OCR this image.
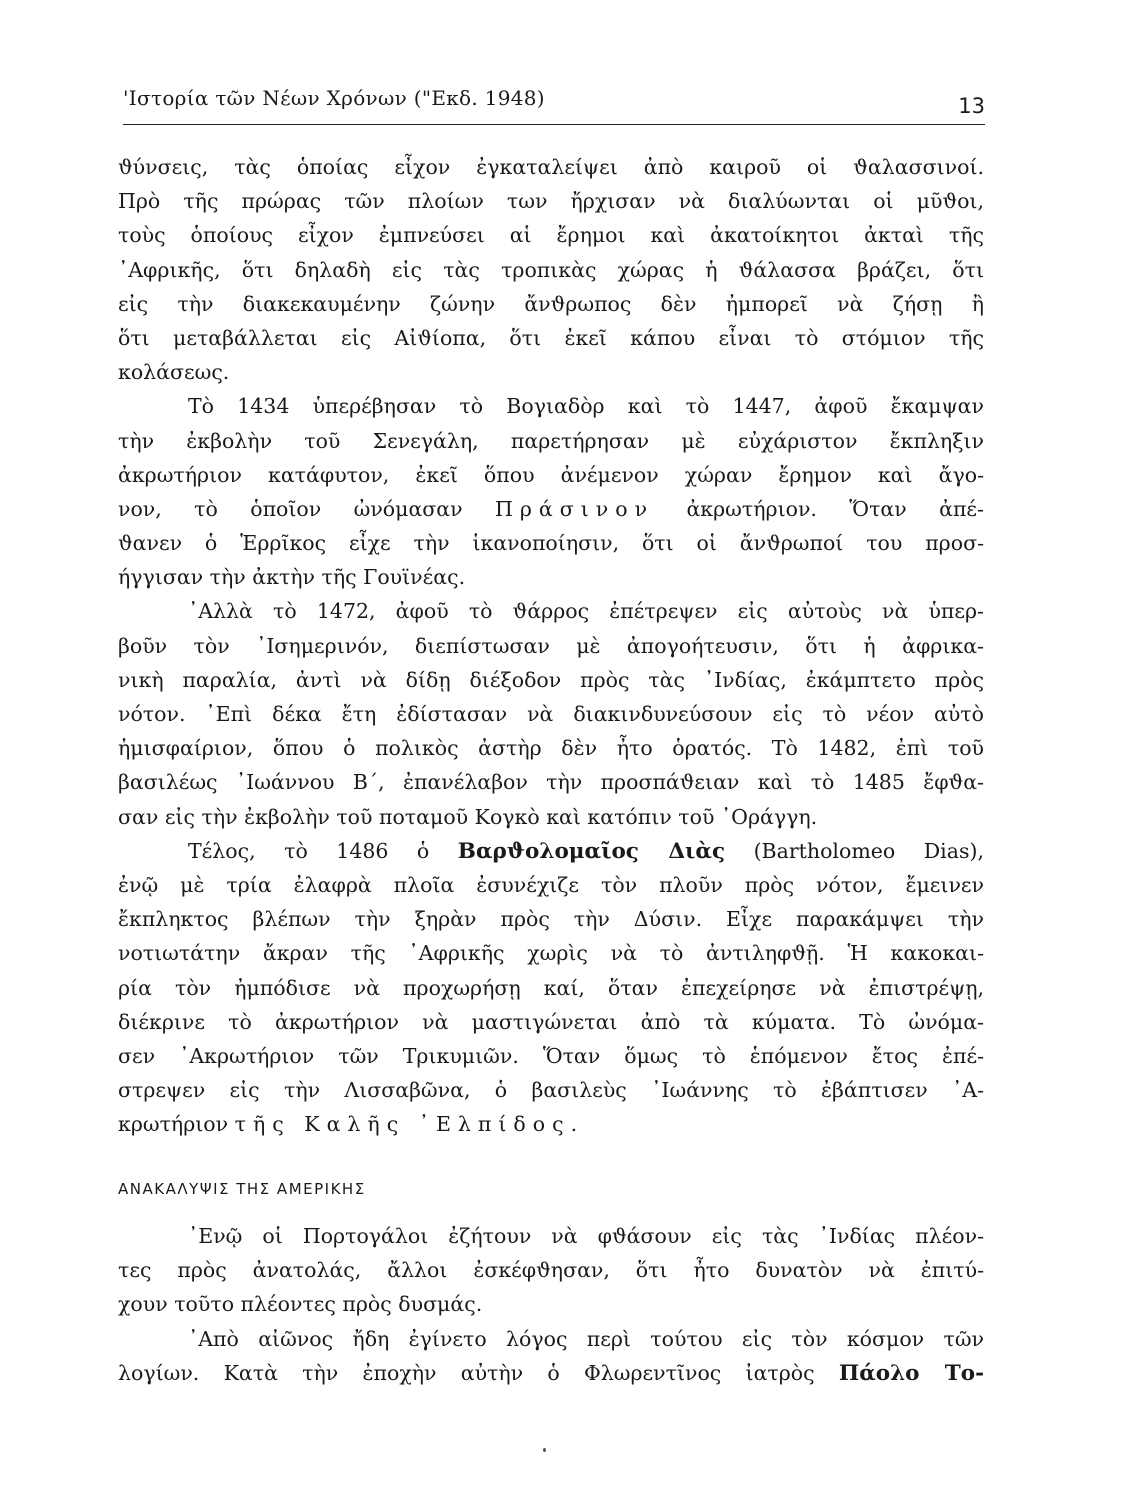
'Ιστορία τῶν Νέων Χρόνων ("Εκδ. 1948)	13
ϑύνσεις, τὰς ὁποίας εἶχον ἐγκαταλείψει ἀπὸ καιροῦ οἱ ϑαλασσινοί.
Πρὸ τῆς πρώρας τῶν πλοίων των ἤρχισαν νὰ διαλύωνται οἱ μῦϑοι,
τοὺς ὁποίους εἶχον ἐμπνεύσει αἱ ἔρημοι καὶ ἀκατοίκητοι ἀκταὶ τῆς
᾿Αφρικῆς, ὅτι δηλαδὴ εἰς τὰς τροπικὰς χώρας ἡ ϑάλασσα βράζει, ὅτι
εἰς τὴν διακεκαυμένην ζώνην ἄνϑρωπος δὲν ἠμπορεῖ νὰ ζήσῃ ἢ
ὅτι μεταβάλλεται εἰς Αἰϑίοπα, ὅτι ἐκεῖ κάπου εἶναι τὸ στόμιον τῆς
κολάσεως.
Τὸ 1434 ὑπερέβησαν τὸ Βογιαδὸρ καὶ τὸ 1447, ἀφοῦ ἔκαμψαν
τὴν ἐκβολὴν τοῦ Σενεγάλη, παρετήρησαν μὲ εὐχάριστον ἔκπληξιν
ἀκρωτήριον κατάφυτον, ἐκεῖ ὅπου ἀνέμενον χώραν ἔρημον καὶ ἄγο-
νον, τὸ ὁποῖον ὠνόμασαν Πράσινον ἀκρωτήριον. Ὅταν ἀπέ-
ϑανεν ὁ Ἑρρῖκος εἶχε τὴν ἱκανοποίησιν, ὅτι οἱ ἄνϑρωποί του προσ-
ήγγισαν τὴν ἀκτὴν τῆς Γουϊνέας.
᾿Αλλὰ τὸ 1472, ἀφοῦ τὸ ϑάρρος ἐπέτρεψεν εἰς αὐτοὺς νὰ ὑπερ-
βοῦν τὸν ᾿Ισημερινόν, διεπίστωσαν μὲ ἀπογοήτευσιν, ὅτι ἡ ἀφρικα-
νικὴ παραλία, ἀντὶ νὰ δίδῃ διέξοδον πρὸς τὰς ᾿Ινδίας, ἐκάμπτετο πρὸς
νότον. ᾿Επὶ δέκα ἔτη ἐδίστασαν νὰ διακινδυνεύσουν εἰς τὸ νέον αὐτὸ
ἡμισφαίριον, ὅπου ὁ πολικὸς ἀστὴρ δὲν ἦτο ὁρατός. Τὸ 1482, ἐπὶ τοῦ
βασιλέως ᾿Ιωάννου Β΄, ἐπανέλαβον τὴν προσπάϑειαν καὶ τὸ 1485 ἔφϑα-
σαν εἰς τὴν ἐκβολὴν τοῦ ποταμοῦ Κογκὸ καὶ κατόπιν τοῦ ᾿Οράγγη.
Τέλος, τὸ 1486 ὁ Βαρϑολομαῖος Διὰς (Bartholomeo Dias),
ἐνῷ μὲ τρία ἐλαφρὰ πλοῖα ἐσυνέχιζε τὸν πλοῦν πρὸς νότον, ἔμεινεν
ἔκπληκτος βλέπων τὴν ξηρὰν πρὸς τὴν Δύσιν. Εἶχε παρακάμψει τὴν
νοτιωτάτην ἄκραν τῆς ᾿Αφρικῆς χωρὶς νὰ τὸ ἀντιληφϑῇ. Ἡ κακοκαι-
ρία τὸν ἠμπόδισε νὰ προχωρήσῃ καί, ὅταν ἐπεχείρησε νὰ ἐπιστρέψῃ,
διέκρινε τὸ ἀκρωτήριον νὰ μαστιγώνεται ἀπὸ τὰ κύματα. Τὸ ὠνόμα-
σεν ᾿Ακρωτήριον τῶν Τρικυμιῶν. Ὅταν ὅμως τὸ ἑπόμενον ἔτος ἐπέ-
στρεψεν εἰς τὴν Λισσαβῶνα, ὁ βασιλεὺς ᾿Ιωάννης τὸ ἐβάπτισεν ᾿Α-
κρωτήριον τῆς Καλῆς ᾿Ελπίδος.
ΑΝΑΚΑΛΥΨΙΣ ΤΗΣ ΑΜΕΡΙΚΗΣ
᾿Ενῷ οἱ Πορτογάλοι ἐζήτουν νὰ φϑάσουν εἰς τὰς ᾿Ινδίας πλέον-
τες πρὸς ἀνατολάς, ἄλλοι ἐσκέφϑησαν, ὅτι ἦτο δυνατὸν νὰ ἐπιτύ-
χουν τοῦτο πλέοντες πρὸς δυσμάς.
᾿Απὸ αἰῶνος ἤδη ἐγίνετο λόγος περὶ τούτου εἰς τὸν κόσμον τῶν
λογίων. Κατὰ τὴν ἐποχὴν αὐτὴν ὁ Φλωρεντῖνος ἰατρὸς Πάολο Το-
